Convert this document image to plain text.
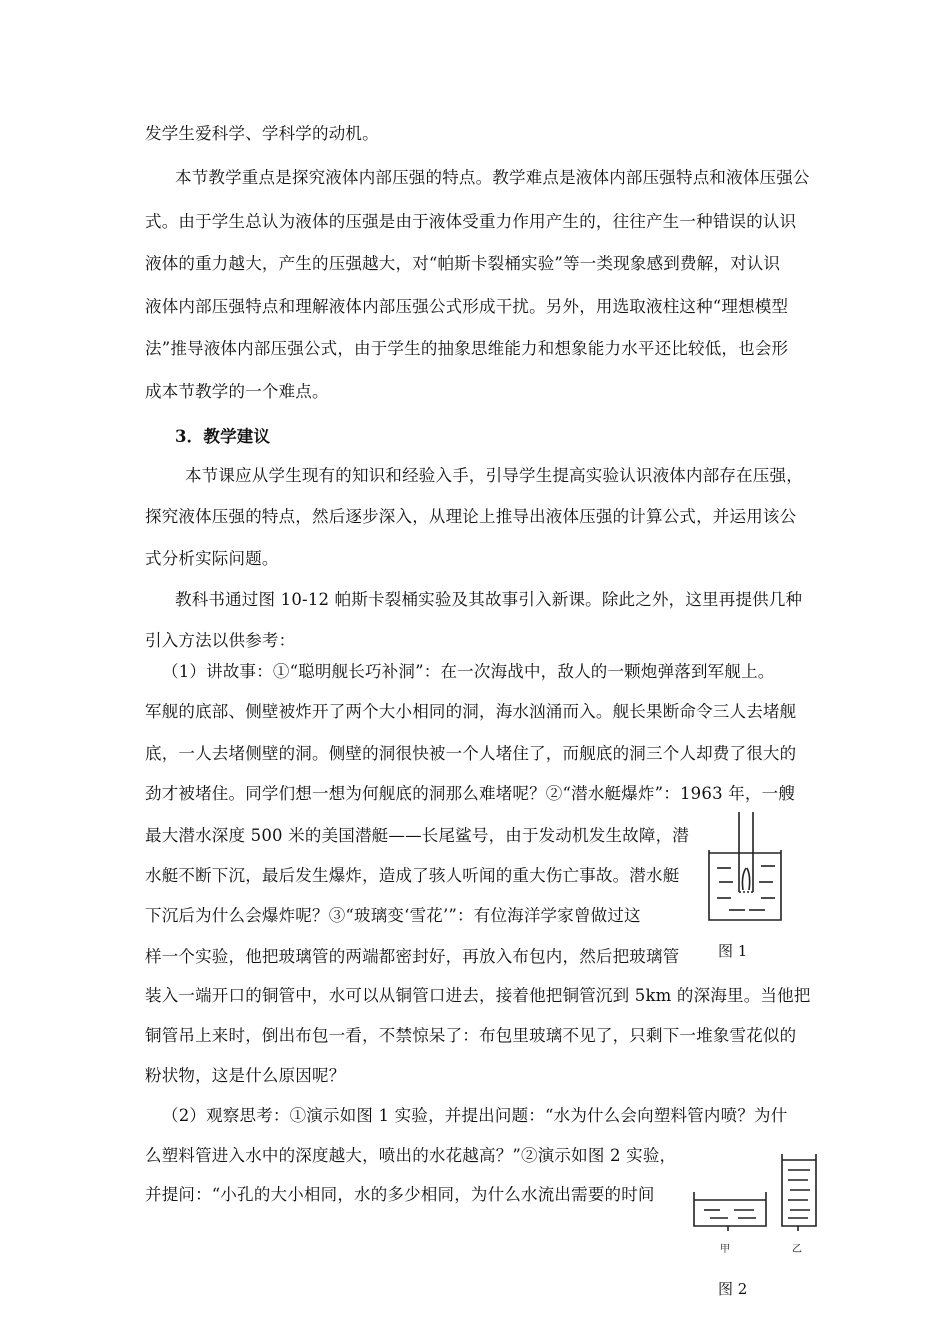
发学生爱科学、学科学的动机。
本节教学重点是探究液体内部压强的特点。教学难点是液体内部压强特点和液体压强公
式。由于学生总认为液体的压强是由于液体受重力作用产生的，往往产生一种错误的认识
液体的重力越大，产生的压强越大，对“帕斯卡裂桶实验”等一类现象感到费解，对认识
液体内部压强特点和理解液体内部压强公式形成干扰。另外，用选取液柱这种“理想模型
法”推导液体内部压强公式，由于学生的抽象思维能力和想象能力水平还比较低，也会形
成本节教学的一个难点。
3．教学建议
本节课应从学生现有的知识和经验入手，引导学生提高实验认识液体内部存在压强，
探究液体压强的特点，然后逐步深入，从理论上推导出液体压强的计算公式，并运用该公
式分析实际问题。
教科书通过图 10-12 帕斯卡裂桶实验及其故事引入新课。除此之外，这里再提供几种
引入方法以供参考：
（1）讲故事：①“聪明舰长巧补洞”：在一次海战中，敌人的一颗炮弹落到军舰上。
军舰的底部、侧壁被炸开了两个大小相同的洞，海水汹涌而入。舰长果断命令三人去堵舰
底，一人去堵侧壁的洞。侧壁的洞很快被一个人堵住了，而舰底的洞三个人却费了很大的
劲才被堵住。同学们想一想为何舰底的洞那么难堵呢？②“潜水艇爆炸”：1963 年，一艘
最大潜水深度 500 米的美国潜艇——长尾鲨号，由于发动机发生故障，潜
水艇不断下沉，最后发生爆炸，造成了骇人听闻的重大伤亡事故。潜水艇
下沉后为什么会爆炸呢？③“玻璃变‘雪花’”：有位海洋学家曾做过这
样一个实验，他把玻璃管的两端都密封好，再放入布包内，然后把玻璃管
装入一端开口的铜管中，水可以从铜管口进去，接着他把铜管沉到 5km 的深海里。当他把
铜管吊上来时，倒出布包一看，不禁惊呆了：布包里玻璃不见了，只剩下一堆象雪花似的
粉状物，这是什么原因呢？
（2）观察思考：①演示如图 1 实验，并提出问题：“水为什么会向塑料管内喷？为什
么塑料管进入水中的深度越大，喷出的水花越高？”②演示如图 2 实验，
并提问：“小孔的大小相同，水的多少相同，为什么水流出需要的时间
图 1
甲	乙
图 2
